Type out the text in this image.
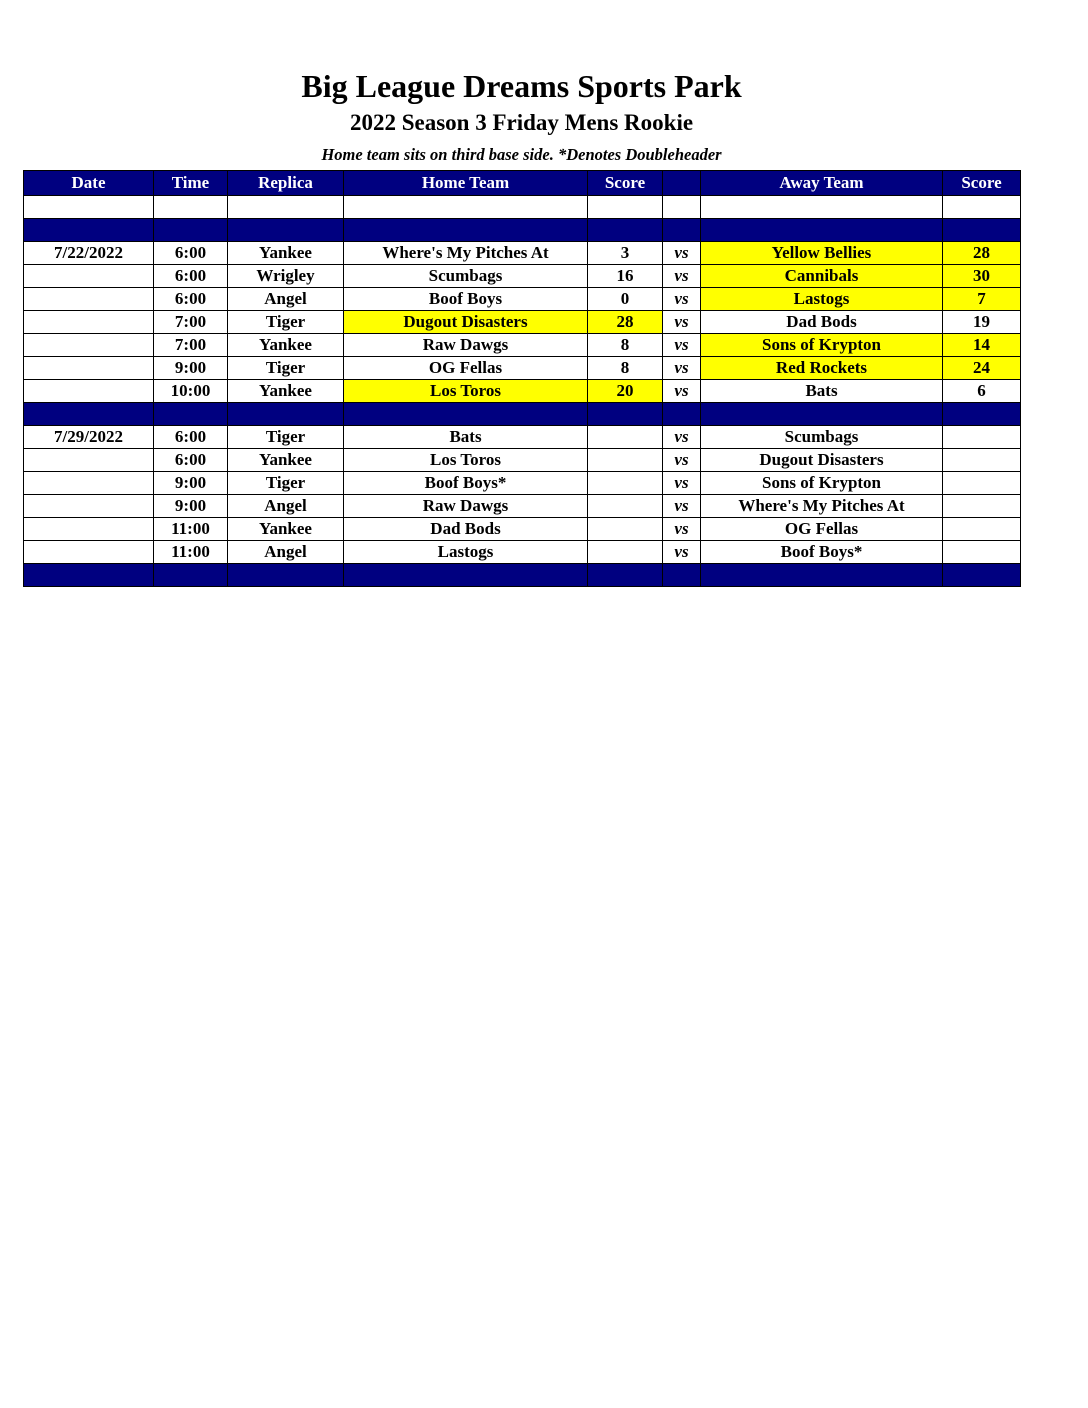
Big League Dreams Sports Park
2022 Season 3 Friday Mens Rookie
Home team sits on third base side. *Denotes Doubleheader
Date	Time	Replica	Home Team	Score		Away Team	Score

7/22/2022	6:00	Yankee	Where's My Pitches At	3	vs	Yellow Bellies	28
	6:00	Wrigley	Scumbags	16	vs	Cannibals	30
	6:00	Angel	Boof Boys	0	vs	Lastogs	7
	7:00	Tiger	Dugout Disasters	28	vs	Dad Bods	19
	7:00	Yankee	Raw Dawgs	8	vs	Sons of Krypton	14
	9:00	Tiger	OG Fellas	8	vs	Red Rockets	24
	10:00	Yankee	Los Toros	20	vs	Bats	6

7/29/2022	6:00	Tiger	Bats		vs	Scumbags	
	6:00	Yankee	Los Toros		vs	Dugout Disasters	
	9:00	Tiger	Boof Boys*		vs	Sons of Krypton	
	9:00	Angel	Raw Dawgs		vs	Where's My Pitches At	
	11:00	Yankee	Dad Bods		vs	OG Fellas	
	11:00	Angel	Lastogs		vs	Boof Boys*	
